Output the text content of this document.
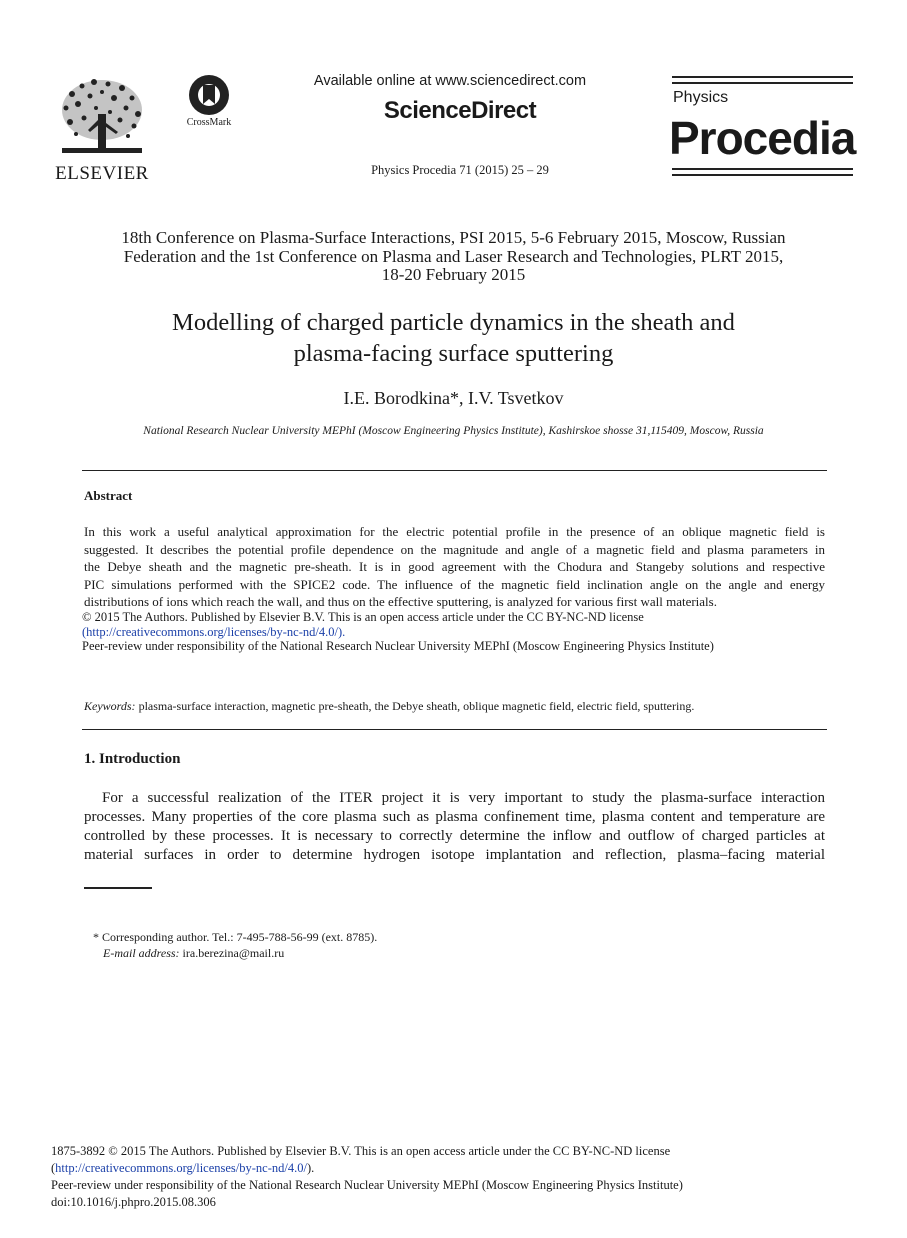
ELSEVIER
CrossMark
Available online at www.sciencedirect.com
ScienceDirect
Physics Procedia 71 (2015) 25 – 29
Physics
Procedia
18th Conference on Plasma-Surface Interactions, PSI 2015, 5-6 February 2015, Moscow, Russian
Federation and the 1st Conference on Plasma and Laser Research and Technologies, PLRT 2015,
18-20 February 2015
Modelling of charged particle dynamics in the sheath and
plasma-facing surface sputtering
I.E. Borodkina*, I.V. Tsvetkov
National Research Nuclear University MEPhI (Moscow Engineering Physics Institute), Kashirskoe shosse 31,115409, Moscow, Russia
Abstract

In this work a useful analytical approximation for the electric potential profile in the presence of an oblique magnetic field is

suggested. It describes the potential profile dependence on the magnitude and angle of a magnetic field and plasma parameters in

the Debye sheath and the magnetic pre-sheath. It is in good agreement with the Chodura and Stangeby solutions and respective

PIC simulations performed with the SPICE2 code. The influence of the magnetic field inclination angle on the angle and energy

distributions of ions which reach the wall, and thus on the effective sputtering, is analyzed for various first wall materials.

© 2015 The Authors. Published by Elsevier B.V. This is an open access article under the CC BY-NC-ND license
(http://creativecommons.org/licenses/by-nc-nd/4.0/).
Peer-review under responsibility of the National Research Nuclear University MEPhI (Moscow Engineering Physics Institute)
Keywords: plasma-surface interaction, magnetic pre-sheath, the Debye sheath, oblique magnetic field, electric field, sputtering.
1. Introduction

For a successful realization of the ITER project it is very important to study the plasma-surface interaction

processes. Many properties of the core plasma such as plasma confinement time, plasma content and temperature are

controlled by these processes. It is necessary to correctly determine the inflow and outflow of charged particles at

material surfaces in order to determine hydrogen isotope implantation and reflection, plasma–facing material

* Corresponding author. Tel.: 7-495-788-56-99 (ext. 8785).
E-mail address: ira.berezina@mail.ru
1875-3892 © 2015 The Authors. Published by Elsevier B.V. This is an open access article under the CC BY-NC-ND license
(http://creativecommons.org/licenses/by-nc-nd/4.0/).
Peer-review under responsibility of the National Research Nuclear University MEPhI (Moscow Engineering Physics Institute)
doi:10.1016/j.phpro.2015.08.306
